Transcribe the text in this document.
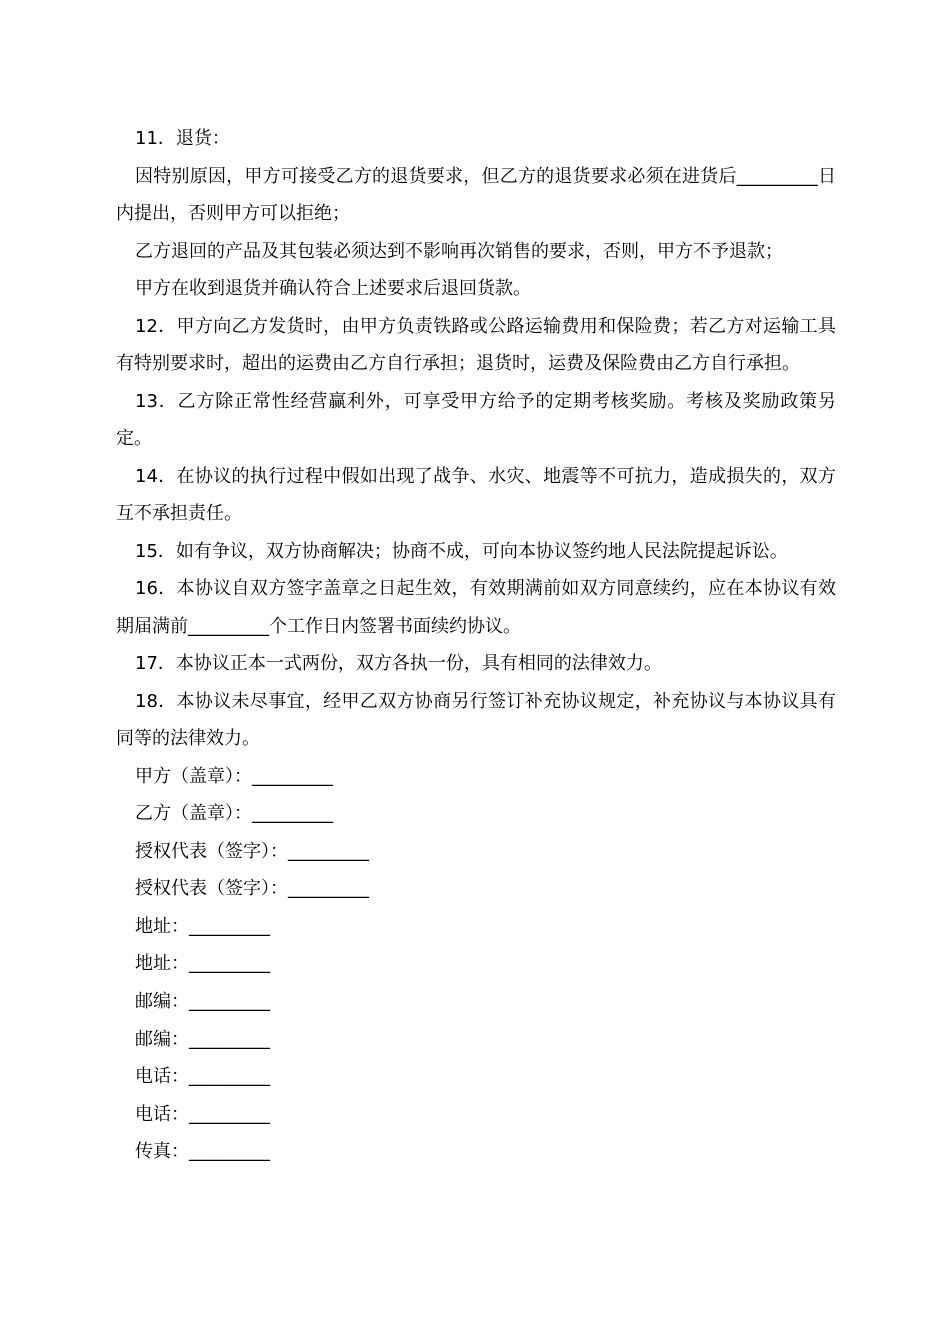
11．退货：

因特别原因，甲方可接受乙方的退货要求，但乙方的退货要求必须在进货后_________日内提出，否则甲方可以拒绝；

乙方退回的产品及其包装必须达到不影响再次销售的要求，否则，甲方不予退款；

甲方在收到退货并确认符合上述要求后退回货款。

12．甲方向乙方发货时，由甲方负责铁路或公路运输费用和保险费；若乙方对运输工具有特别要求时，超出的运费由乙方自行承担；退货时，运费及保险费由乙方自行承担。

13．乙方除正常性经营赢利外，可享受甲方给予的定期考核奖励。考核及奖励政策另定。

14．在协议的执行过程中假如出现了战争、水灾、地震等不可抗力，造成损失的，双方互不承担责任。

15．如有争议，双方协商解决；协商不成，可向本协议签约地人民法院提起诉讼。

16．本协议自双方签字盖章之日起生效，有效期满前如双方同意续约，应在本协议有效期届满前_________个工作日内签署书面续约协议。

17．本协议正本一式两份，双方各执一份，具有相同的法律效力。

18．本协议未尽事宜，经甲乙双方协商另行签订补充协议规定，补充协议与本协议具有同等的法律效力。

甲方（盖章）：_________

乙方（盖章）：_________

授权代表（签字）：_________

授权代表（签字）：_________

地址：_________

地址：_________

邮编：_________

邮编：_________

电话：_________

电话：_________

传真：_________
